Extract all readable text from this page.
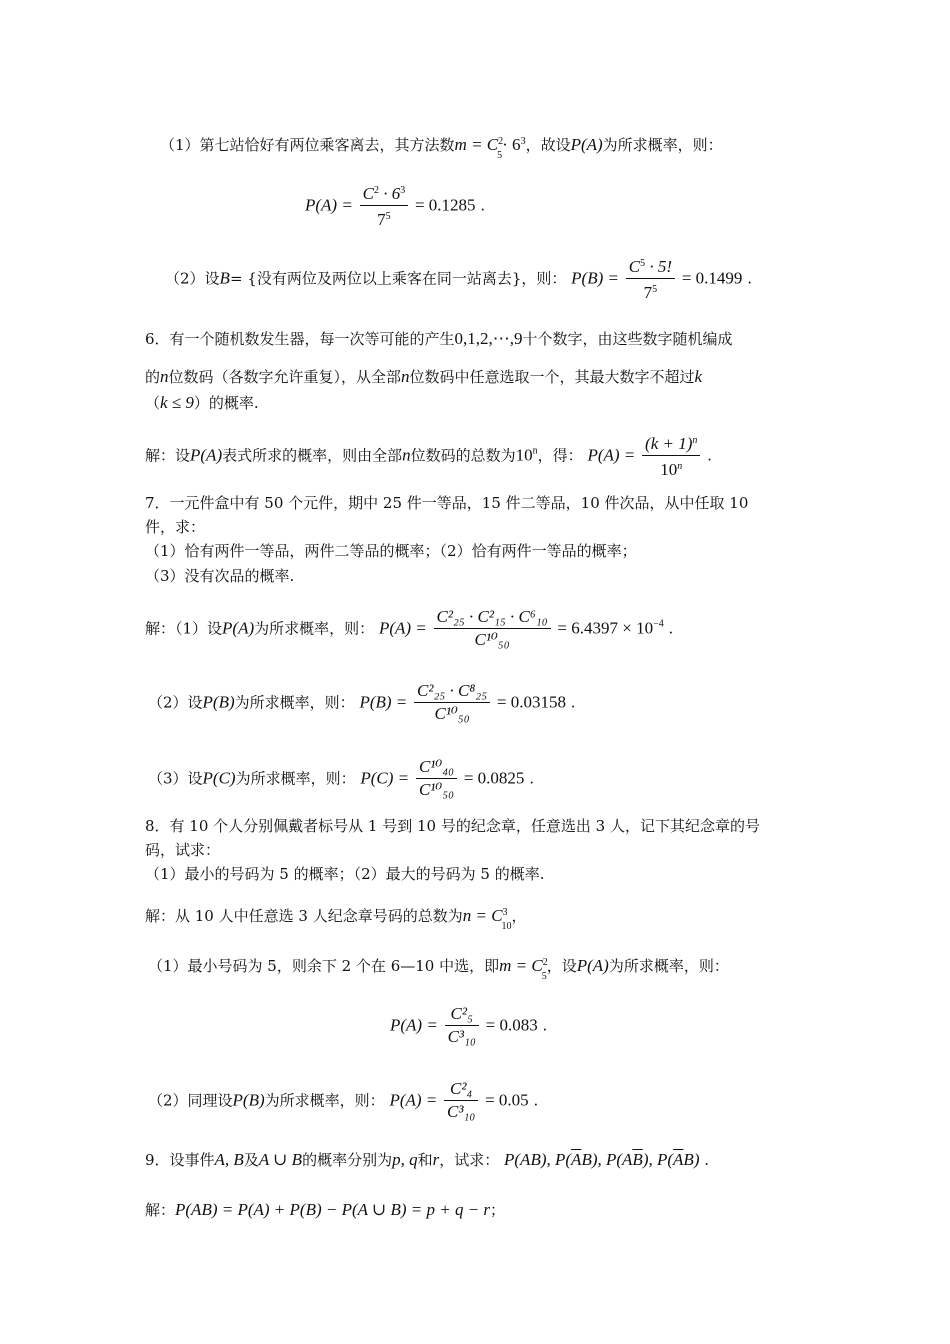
（1）第七站恰好有两位乘客离去，其方法数$m = C^2_5\cdot 6^3$，故设P(A)为所求概率，则：
$P(A) = \frac{C^2 \cdot 6^3}{7^5} = 0.1285$ .
（2）设B= {没有两位及两位以上乘客在同一站离去}，则： $P(B) = \frac{C^5 \cdot 5!}{7^5} = 0.1499$ .
6．有一个随机数发生器，每一次等可能的产生0,1,2,⋯,9十个数字，由这些数字随机编成
的n位数码（各数字允许重复），从全部n位数码中任意选取一个，其最大数字不超过k
（k ≤ 9）的概率.
解：设P(A)表式所求的概率，则由全部n位数码的总数为10$^n$，得： $P(A) = \frac{(k + 1)^n}{10^n}$ .
7．一元件盒中有 50 个元件，期中 25 件一等品，15 件二等品，10 件次品，从中任取 10
件，求：
（1）恰有两件一等品，两件二等品的概率；（2）恰有两件一等品的概率；
（3）没有次品的概率.
解：（1）设P(A)为所求概率，则： $P(A) = \frac{\text{C²₂₅ · C²₁₅ · C⁶₁₀}}{\text{C¹⁰₅₀}} = 6.4397 \times 10^{-4}$ .
（2）设P(B)为所求概率，则： $P(B) = \frac{\text{C²₂₅ · C⁸₂₅}}{\text{C¹⁰₅₀}} = 0.03158$ .
（3）设P(C)为所求概率，则： $P(C) = \frac{\text{C¹⁰₄₀}}{\text{C¹⁰₅₀}} = 0.0825$ .
8．有 10 个人分别佩戴者标号从 1 号到 10 号的纪念章，任意选出 3 人，记下其纪念章的号
码，试求：
（1）最小的号码为 5 的概率；（2）最大的号码为 5 的概率.
解：从 10 人中任意选 3 人纪念章号码的总数为$n = C^3_{10}$，
（1）最小号码为 5，则余下 2 个在 6—10 中选，即$m = C^2_5$，设P(A)为所求概率，则：
$P(A) = \frac{\text{C²₅}}{\text{C³₁₀}} = 0.083$ .
（2）同理设P(B)为所求概率，则： $P(A) = \frac{\text{C²₄}}{\text{C³₁₀}} = 0.05$ .
9．设事件A, B及A ∪ B的概率分别为p, q和r，试求： P(AB), $P(\overline{A}B)$, $P(A\overline{B})$, $P(\overline{A}B)$ .
解：P(AB) = P(A) + P(B) − P(A ∪ B) = p + q − r；
